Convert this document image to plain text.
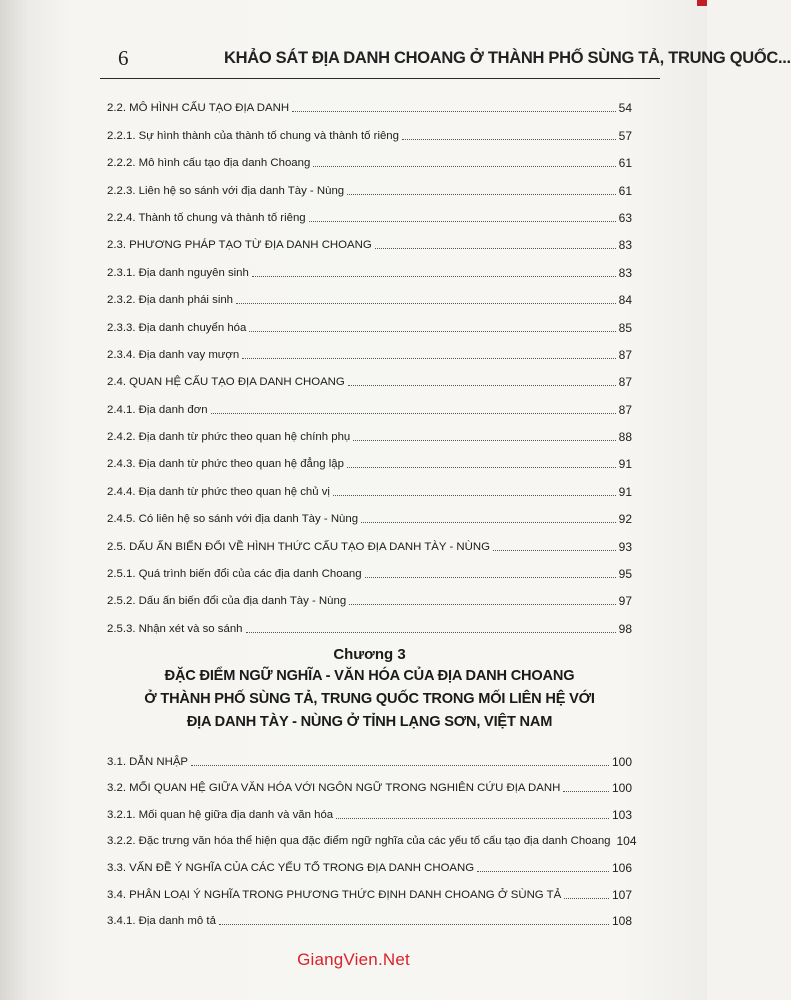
6	KHẢO SÁT ĐỊA DANH CHOANG Ở THÀNH PHỐ SÙNG TẢ, TRUNG QUỐC...
2.2. MÔ HÌNH CẤU TẠO ĐỊA DANH	54
2.2.1. Sự hình thành của thành tố chung và thành tố riêng	57
2.2.2. Mô hình cấu tạo địa danh Choang	61
2.2.3. Liên hệ so sánh với địa danh Tày - Nùng	61
2.2.4. Thành tố chung và thành tố riêng	63
2.3. PHƯƠNG PHÁP TẠO TỪ ĐỊA DANH CHOANG	83
2.3.1. Địa danh nguyên sinh	83
2.3.2. Địa danh phái sinh	84
2.3.3. Địa danh chuyển hóa	85
2.3.4. Địa danh vay mượn	87
2.4. QUAN HỆ CẤU TẠO ĐỊA DANH CHOANG	87
2.4.1. Địa danh đơn	87
2.4.2. Địa danh từ phức theo quan hệ chính phụ	88
2.4.3. Địa danh từ phức theo quan hệ đẳng lập	91
2.4.4. Địa danh từ phức theo quan hệ chủ vị	91
2.4.5. Có liên hệ so sánh với địa danh Tày - Nùng	92
2.5. DẤU ẤN BIẾN ĐỔI VỀ HÌNH THỨC CẤU TẠO ĐỊA DANH TÀY - NÙNG	93
2.5.1. Quá trình biến đổi của các địa danh Choang	95
2.5.2. Dấu ấn biến đổi của địa danh Tày - Nùng	97
2.5.3. Nhận xét và so sánh	98
Chương 3
ĐẶC ĐIỂM NGỮ NGHĨA - VĂN HÓA CỦA ĐỊA DANH CHOANG
Ở THÀNH PHỐ SÙNG TẢ, TRUNG QUỐC TRONG MỐI LIÊN HỆ VỚI
ĐỊA DANH TÀY - NÙNG Ở TỈNH LẠNG SƠN, VIỆT NAM
3.1. DẪN NHẬP	100
3.2. MỐI QUAN HỆ GIỮA VĂN HÓA VỚI NGÔN NGỮ TRONG NGHIÊN CỨU ĐỊA DANH	100
3.2.1. Mối quan hệ giữa địa danh và văn hóa	103
3.2.2. Đặc trưng văn hóa thể hiện qua đặc điểm ngữ nghĩa của các yếu tố cấu tạo địa danh Choang 104
3.3. VẤN ĐỀ Ý NGHĨA CỦA CÁC YẾU TỐ TRONG ĐỊA DANH CHOANG	106
3.4. PHÂN LOẠI Ý NGHĨA TRONG PHƯƠNG THỨC ĐỊNH DANH CHOANG Ở SÙNG TẢ	107
3.4.1. Địa danh mô tả	108
GiangVien.Net
